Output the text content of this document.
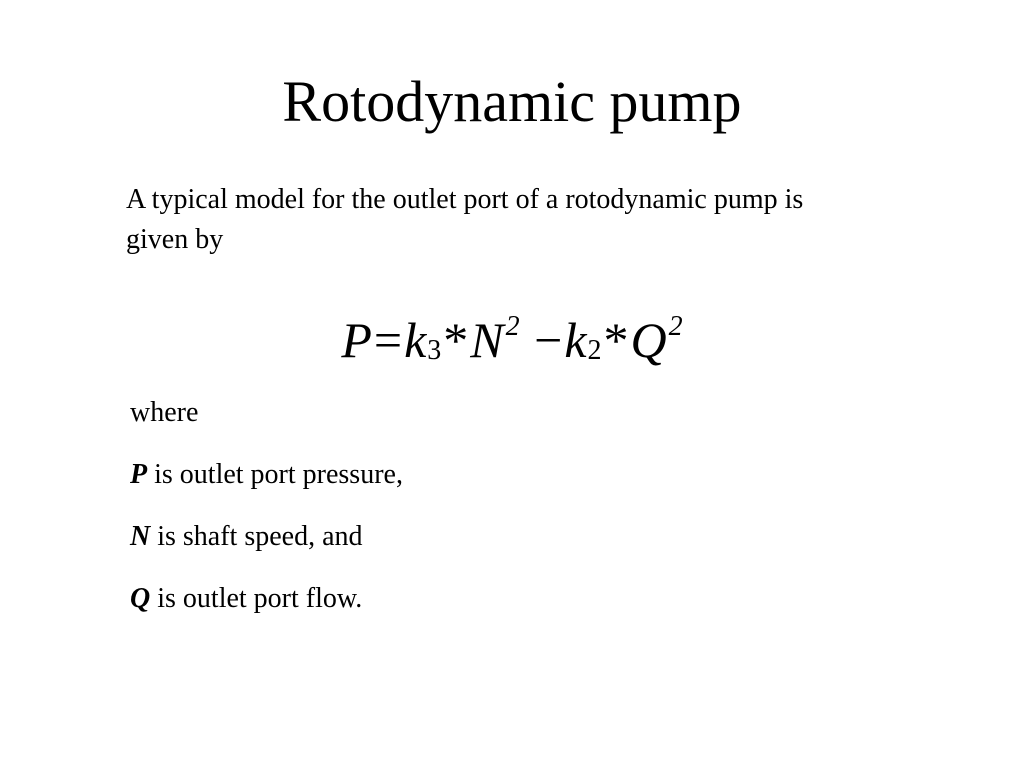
Rotodynamic pump

A typical model for the outlet port of a rotodynamic pump is given by

$P=k3*N^2 -k2*Q^2$
where
P is outlet port pressure,
N is shaft speed, and
Q is outlet port flow.
